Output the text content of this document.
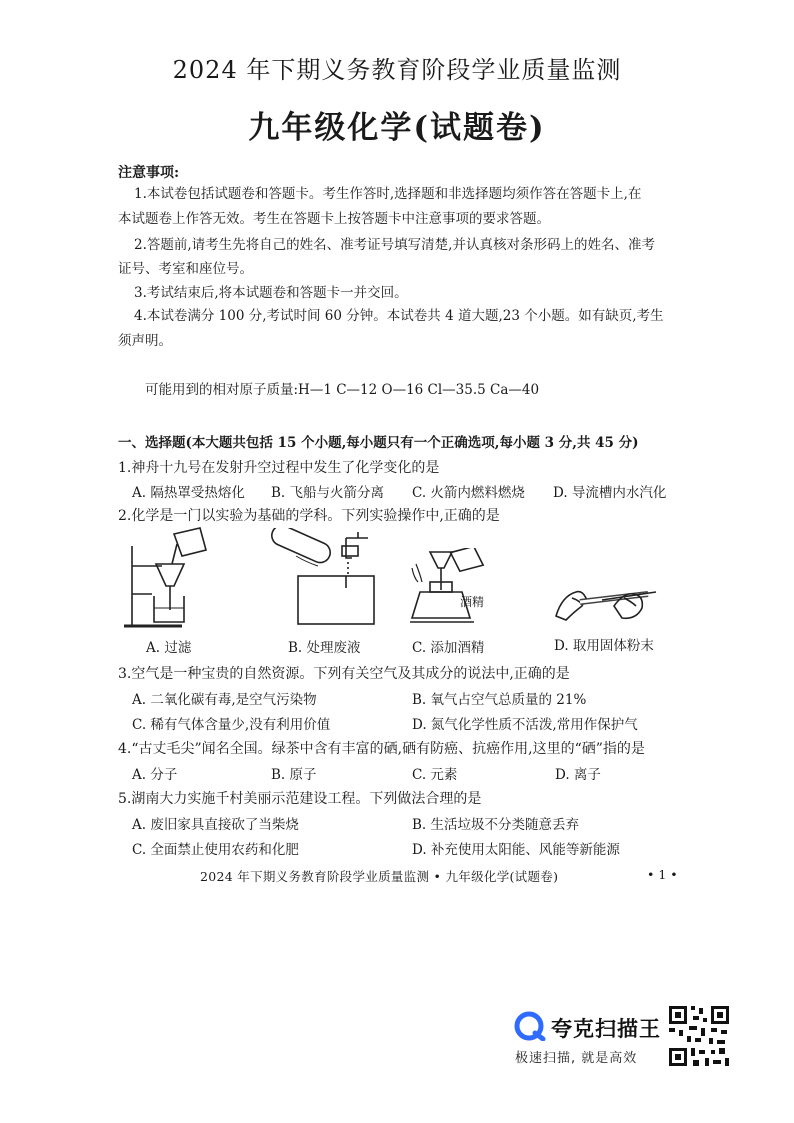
2024 年下期义务教育阶段学业质量监测
九年级化学(试题卷)
注意事项:
1.本试卷包括试题卷和答题卡。考生作答时,选择题和非选择题均须作答在答题卡上,在
本试题卷上作答无效。考生在答题卡上按答题卡中注意事项的要求答题。
2.答题前,请考生先将自己的姓名、准考证号填写清楚,并认真核对条形码上的姓名、准考
证号、考室和座位号。
3.考试结束后,将本试题卷和答题卡一并交回。
4.本试卷满分 100 分,考试时间 60 分钟。本试卷共 4 道大题,23 个小题。如有缺页,考生
须声明。
可能用到的相对原子质量:H—1 C—12 O—16 Cl—35.5 Ca—40
一、选择题(本大题共包括 15 个小题,每小题只有一个正确选项,每小题 3 分,共 45 分)
1.神舟十九号在发射升空过程中发生了化学变化的是
A. 隔热罩受热熔化 B. 飞船与火箭分离 C. 火箭内燃料燃烧 D. 导流槽内水汽化
2.化学是一门以实验为基础的学科。下列实验操作中,正确的是
A. 过滤	B. 处理废液
酒精
C. 添加酒精	D. 取用固体粉末
3.空气是一种宝贵的自然资源。下列有关空气及其成分的说法中,正确的是
A. 二氧化碳有毒,是空气污染物	B. 氧气占空气总质量的 21%
C. 稀有气体含量少,没有利用价值	D. 氮气化学性质不活泼,常用作保护气
4.“古丈毛尖”闻名全国。绿茶中含有丰富的硒,硒有防癌、抗癌作用,这里的“硒”指的是
A. 分子	B. 原子	C. 元素	D. 离子
5.湖南大力实施千村美丽示范建设工程。下列做法合理的是
A. 废旧家具直接砍了当柴烧	B. 生活垃圾不分类随意丢弃
C. 全面禁止使用农药和化肥	D. 补充使用太阳能、风能等新能源
2024 年下期义务教育阶段学业质量监测 • 九年级化学(试题卷)	• 1 •
夸克扫描王
极速扫描, 就是高效
